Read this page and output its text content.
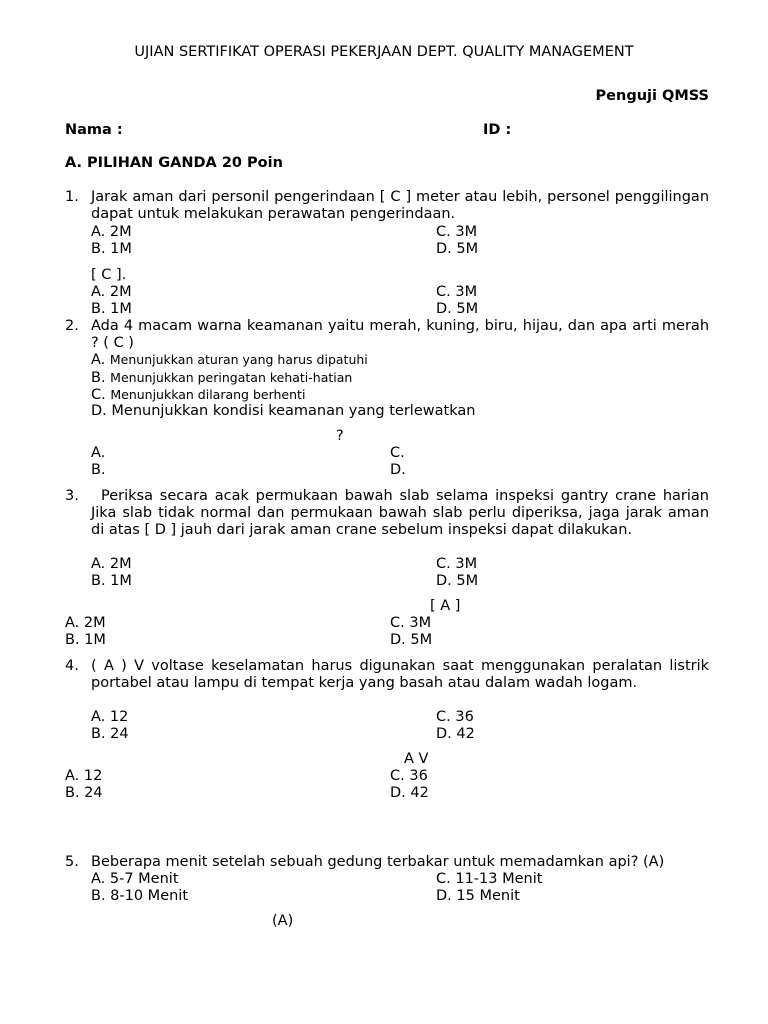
UJIAN SERTIFIKAT OPERASI PEKERJAAN DEPT. QUALITY MANAGEMENT
Penguji QMSS
Nama :	ID :
A. PILIHAN GANDA 20 Poin
1. Jarak aman dari personil pengerindaan [ C ] meter atau lebih, personel penggilingan dapat untuk melakukan perawatan pengerindaan.
A. 2M	C. 3M
B. 1M	D. 5M
[ C ].
A. 2M	C. 3M
B. 1M	D. 5M
2. Ada 4 macam warna keamanan yaitu merah, kuning, biru, hijau, dan apa arti merah ? ( C )
A. Menunjukkan aturan yang harus dipatuhi
B. Menunjukkan peringatan kehati-hatian
C. Menunjukkan dilarang berhenti
D. Menunjukkan kondisi keamanan yang terlewatkan
?
A.	C.
B.	D.
3.	Periksa secara acak permukaan bawah slab selama inspeksi gantry crane harian Jika slab tidak normal dan permukaan bawah slab perlu diperiksa, jaga jarak aman di atas [ D ] jauh dari jarak aman crane sebelum inspeksi dapat dilakukan.
A. 2M	C. 3M
B. 1M	D. 5M
[ A ]
A. 2M	C. 3M
B. 1M	D. 5M
4. ( A ) V voltase keselamatan harus digunakan saat menggunakan peralatan listrik portabel atau lampu di tempat kerja yang basah atau dalam wadah logam.
A. 12	C. 36
B. 24	D. 42
A V
A. 12	C. 36
B. 24	D. 42
5. Beberapa menit setelah sebuah gedung terbakar untuk memadamkan api? (A)
A. 5-7 Menit	C. 11-13 Menit
B. 8-10 Menit	D. 15 Menit
(A)
